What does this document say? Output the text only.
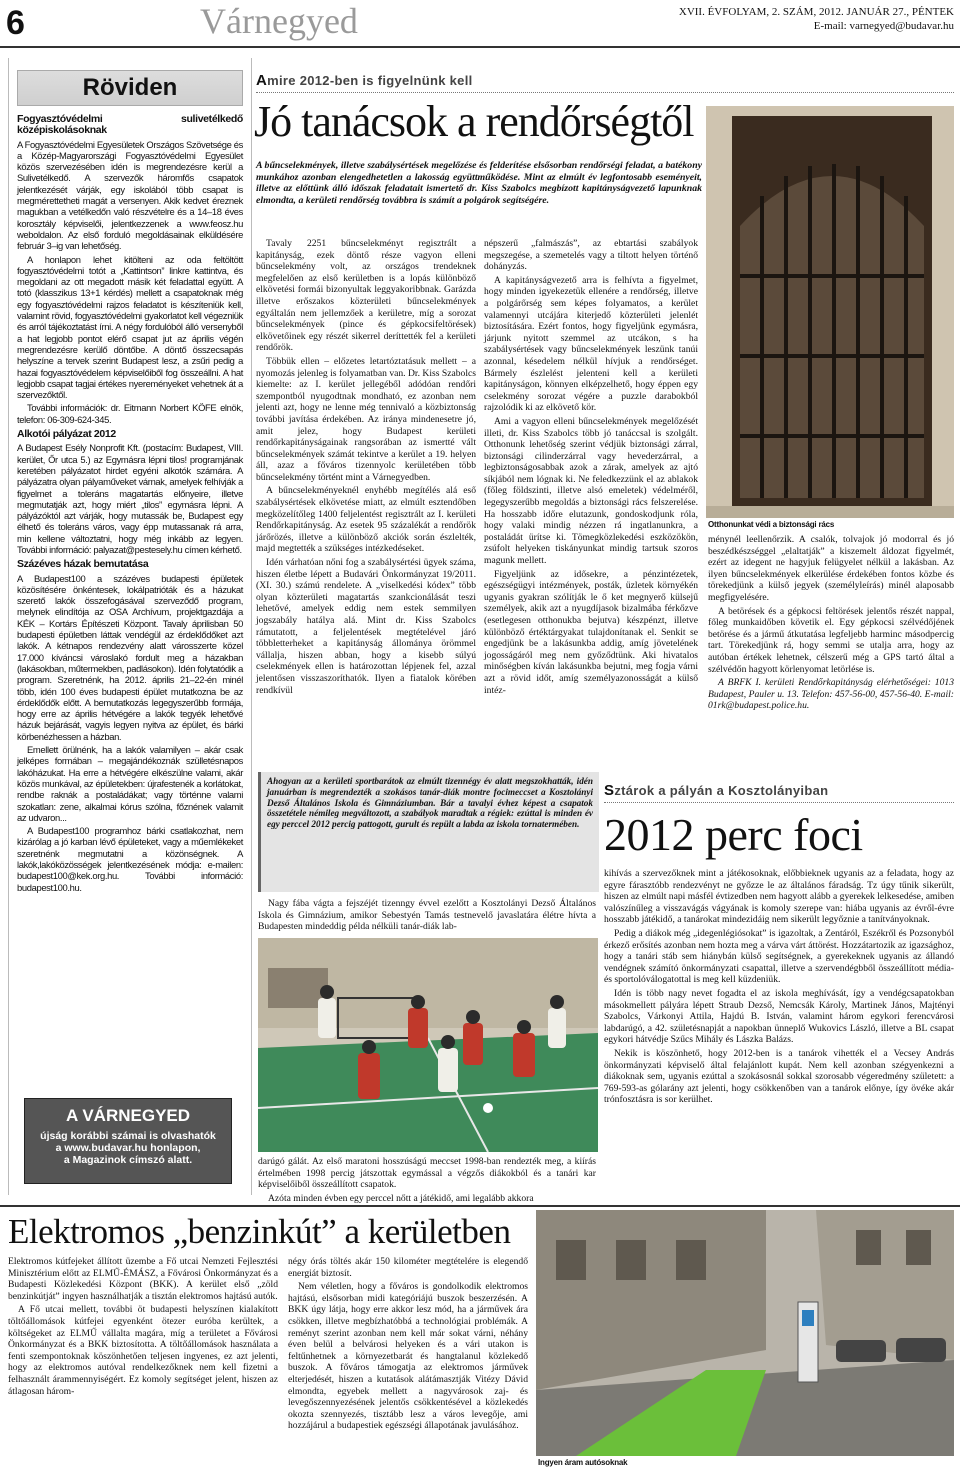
6	Várnegyed	XVII. ÉVFOLYAM, 2. SZÁM, 2012. JANUÁR 27., PÉNTEK
E-mail: varnegyed@budavar.hu
Röviden
Fogyasztóvédelmi sulivetélkedő középiskolásoknak

A Fogyasztóvédelmi Egyesületek Országos Szövetsége és a Közép-Magyarországi Fogyasztóvédelmi Egyesület közös szervezésében idén is megrendezésre kerül a Sulivetélkedő. A szervezők háromfős csapatok jelentkezését várják, egy iskolából több csapat is megmérettetheti magát a versenyen. Akik kedvet éreznek magukban a vetélkedőn való részvételre és a 14–18 éves korosztály képviselői, jelentkezzenek a www.feosz.hu weboldalon. Az első forduló megoldásainak elküldésére február 3–ig van lehetőség.

A honlapon lehet kitölteni az oda feltöltött fogyasztóvédelmi totót a „Kattintson” linkre kattintva, és megoldani az ott megadott másik két feladattal együtt. A totó (klasszikus 13+1 kérdés) mellett a csapatoknak még egy fogyasztóvédelmi rajzos feladatot is készíteniük kell, valamint rövid, fogyasztóvédelmi gyakorlatot kell végezniük és arról tájékoztatást írni. A négy fordulóból álló versenyből a hat legjobb pontot elérő csapat jut az április végén megrendezésre kerülő döntőbe. A döntő összecsapás helyszíne a tervek szerint Budapest lesz, a zsűri pedig a hazai fogyasztóvédelem képviselőiből fog összeállni. A hat legjobb csapat tagjai értékes nyereményeket vehetnek át a szervezőktől.

További információk: dr. Eitmann Norbert KÖFE elnök, telefon: 06-309-624-345.

Alkotói pályázat 2012

A Budapest Esély Nonprofit Kft. (postacím: Budapest, VIII. kerület, Őr utca 5.) az Egymásra lépni tilos! programjának keretében pályázatot hirdet egyéni alkotók számára. A pályázatra olyan pályaműveket várnak, amelyek felhívják a figyelmet a toleráns magatartás előnyeire, illetve megmutatják azt, hogy miért „tilos” egymásra lépni. A pályázóktól azt várják, hogy mutassák be, Budapest egy élhető és toleráns város, vagy épp mutassanak rá arra, min kellene változtatni, hogy még inkább az legyen. További információ: palyazat@pestesely.hu címen kérhető.

Százéves házak bemutatása

A Budapest100 a százéves budapesti épületek közösítésére önkéntesek, lokálpatrióták és a házukat szerető lakók összefogásával szerveződő program, melynek elindítója az OSA Archívum, projektgazdája a KÉK – Kortárs Építészeti Központ. Tavaly áprilisban 50 budapesti épületben láttak vendégül az érdeklődőket azt lakók. A kétnapos rendezvény alatt városszerte közel 17.000 kíváncsi városlakó fordult meg a házakban (lakásokban, műtermekben, padlásokon). Idén folytatódik a program. Szeretnénk, ha 2012. április 21–22-én minél több, idén 100 éves budapesti épület mutatkozna be az érdeklődők előtt. A bemutatkozás legegyszerűbb formája, hogy erre az április hétvégére a lakók tegyék lehetővé házuk bejárását, vagyis legyen nyitva az épület, és bárki körbenézhessen a házban.

Emellett örülnénk, ha a lakók valamilyen – akár csak jelképes formában – megajándékoznák szülletésnapos lakóházukat. Ha erre a hétvégére elkészülne valami, akár közös munkával, az épületekben: újrafestenék a korlátokat, rendbe raknák a postaládákat; vagy történne valami szokatlan: zene, alkalmai kórus szólna, főznének valamit az udvaron...

A Budapest100 programhoz bárki csatlakozhat, nem kizárólag a jó karban lévő épületeket, vagy a műemlékeket szeretnénk megmutatni a közönségnek. A lakók,lakóközösségek jelentkezésének módja: e-mailen: budapest100@kek.org.hu. További információ: budapest100.hu.

A VÁRNEGYED
újság korábbi számai is olvashatók
a www.budavar.hu honlapon,
a Magazinok címszó alatt.
Amire 2012-ben is figyelnünk kell
Jó tanácsok a rendőrségtől
A bűncselekmények, illetve szabálysértések megelőzése és felderítése elsősorban rendőrségi feladat, a batékony munkához azonban elengedhetetlen a lakosság együttműködése. Mint az elmúlt év legfontosabb eseményeit, illetve az előttünk álló időszak feladatait ismertető dr. Kiss Szabolcs megbízott kapitányságvezető lapunknak elmondta, a kerületi rendőrség továbbra is számít a polgárok segítségére.
Otthonunkat védi a biztonsági rács

Tavaly 2251 bűncselekményt regisztrált a kapitányság, ezek döntő része vagyon elleni bűncselekmény volt, az országos trendeknek megfelelően az első kerületben is a lopás különböző elkövetési formái bizonyultak leggyakoribbnak. Garázda illetve erőszakos közterületi bűncselekmények egyáltalán nem jellemzőek a kerületre, míg a sorozat bűncselekmények (pince és gépkocsifeltörések) elkövetőinek egy részét sikerrel deríttették fel a kerületi rendőrök.

Többük ellen – előzetes letartóztatásuk mellett – a nyomozás jelenleg is folyamatban van. Dr. Kiss Szabolcs kiemelte: az I. kerület jellegéből adódóan rendőri szempontból nyugodtnak mondható, ez azonban nem jelenti azt, hogy ne lenne még tennivaló a közbiztonság további javítása érdekében. Az iránya mindenesetre jó, amit jelez, hogy Budapest kerületi rendőrkapitányságainak rangsorában az ismertté vált bűncselekmények számát tekintve a kerület a 19. helyen áll, azaz a főváros tizennyolc kerületében több bűncselekmény történt mint a Várnegyedben.

A bűncselekményeknél enyhébb megítélés alá eső szabálysértések elkövetése miatt, az elmúlt esztendőben megközelítőleg 1400 feljelentést regisztrált az I. kerületi Rendőrkapitányság. Az esetek 95 százalékát a rendőrök járőrözés, illetve a különböző akciók során észlelték, majd megtették a szükséges intézkedéseket.

Idén várhatóan nőni fog a szabálysértési ügyek száma, hiszen életbe lépett a Budavári Önkormányzat 19/2011. (XI. 30.) számú rendelete. A „viselkedési kódex” több olyan közterületi magatartás szankcionálását teszi lehetővé, amelyek eddig nem estek semmilyen jogszabály hatálya alá. Mint dr. Kiss Szabolcs rámutatott, a feljelentések megtételével járó többletterheket a kapitányság állománya örömmel vállalja, hiszen abban, hogy a kisebb súlyú cselekmények ellen is határozottan lépjenek fel, azzal jelentősen visszaszoríthatók. Ilyen a fiatalok körében rendkívül

népszerű „falmászás”, az ebtartási szabályok megszegése, a szemetelés vagy a tiltott helyen történő dohányzás.

A kapitányságvezető arra is felhívta a figyelmet, hogy minden igyekezetük ellenére a rendőrség, illetve a polgárőrség sem képes folyamatos, a kerület valamennyi utcájára kiterjedő közterületi jelenlét biztosítására. Ezért fontos, hogy figyeljünk egymásra, járjunk nyitott szemmel az utcákon, s ha szabálysértések vagy bűncselekmények leszünk tanúi azonnal, késedelem nélkül hívjuk a rendőrséget. Bármely észlelést jelenteni kell a kerületi kapitányságon, könnyen elképzelhető, hogy éppen egy cselekmény sorozat végére a puzzle darabokból rajzolódik ki az elkövető kör.

Ami a vagyon elleni bűncselekmények megelőzését illeti, dr. Kiss Szabolcs több jó tanáccsal is szolgált. Otthonunk lehetőség szerint védjük biztonsági zárral, biztonsági cilinderzárral vagy hevederzárral, a legbiztonságosabbak azok a zárak, amelyek az ajtó síkjából nem lógnak ki. Ne feledkezzünk el az ablakok (főleg földszinti, illetve alsó emeletek) védelméről, legegyszerűbb megoldás a biztonsági rács felszerelése. Ha hosszabb időre elutazunk, gondoskodjunk róla, hogy valaki mindig nézzen rá ingatlanunkra, a postaládát ürítse ki. Tömegközlekedési eszközökön, zsúfolt helyeken tiskányunkat mindig tartsuk szoros magunk mellett.

Figyeljünk az idősekre, a pénzintézetek, egészségügyi intézmények, posták, üzletek környékén ugyanis gyakran szólítják le ő ket megnyerő külsejű személyek, akik azt a nyugdíjasok bizalmába férkőzve (esetlegesen otthonukba bejutva) készpénzt, illetve különböző értéktárgyakat tulajdonítanak el. Senkit se engedjünk be a lakásunkba addig, amíg jövetelének jogosságáról meg nem győződtünk. Aki hivatalos minőségben kíván lakásunkba bejutni, meg fogja várni azt a rövid időt, amíg személyazonosságát a külső intéz-

ménynél leellenőrzik. A csalók, tolvajok jó modorral és jó beszédkészséggel „elaltatják” a kiszemelt áldozat figyelmét, ezért az idegent ne hagyjuk felügyelet nélkül a lakásban. Az ilyen bűncselekmények elkerülése érdekében fontos közbe és törekedjünk a külső jegyek (személyleírás) minél alaposabb megfigyelésére.

A betörések és a gépkocsi feltörések jelentős részét nappal, főleg munkaidőben követik el. Egy gépkocsi szélvédőjének betörése és a jármű átkutatása legfeljebb harminc másodpercig tart. Törekedjünk rá, hogy semmi se utalja arra, hogy az autóban értékek lehetnek, célszerű még a GPS tartó által a szélvédőn hagyott körlenyomat letörlése is.

A BRFK I. kerületi Rendőrkapitányság elérhetőségei: 1013 Budapest, Pauler u. 13. Telefon: 457-56-00, 457-56-40. E-mail: 01rk@budapest.police.hu.

Ahogyan az a kerületi sportbarátok az elmúlt tizennégy év alatt megszokhatták, idén januárban is megrendezték a szokásos tanár-diák montre focimeccset a Kosztolányi Dezső Általános Iskola és Gimnáziumban. Bár a tavalyi évhez képest a csapatok összetétele némileg megváltozott, a szabályok maradtak a régiek: ezúttal is minden év egy perccel 2012 percig pattogott, gurult és repült a labda az iskola tornatermében.
Nagy fába vágta a fejszéjét tizenngy évvel ezelőtt a Kosztolányi Dezső Általános Iskola és Gimnázium, amikor Sebestyén Tamás testnevelő javaslatára élétre hívta a Budapesten mindeddig példa nélküli tanár-diák lab-

darúgó gálát. Az első maratoni hosszúságú meccset 1998-ban rendezték meg, a kiírás értelmében 1998 percig játszottak egymással a végzős diákokból és a tanári kar képviselőiből összeállított csapatok.

Azóta minden évben egy perccel nőtt a játékidő, ami legalább akkora

Sztárok a pályán a Kosztolányiban
2012 perc foci

kihívás a szervezőknek mint a játékosoknak, előbbieknek ugyanis az a feladata, hogy az egyre fárasztóbb rendezvényt ne győzze le az általános fáradság. Tz úgy tűnik sikerült, hiszen az elmúlt napi másfél évtizedben nem hagyott alább a gyerekek lelkesedése, amiben valószínűleg a visszavágás vágyának is komoly szerepe van: hiába ugyanis az évről-évre hosszabb játékidő, a tanárokat mindezidáig nem sikerült legyőznie a tanítványoknak.

Pedig a diákok még „idegenlégiósokat” is igazoltak, a Zentáról, Eszékről és Pozsonyból érkező erősítés azonban nem hozta meg a várva várt áttörést. Hozzátartozik az igazsághoz, hogy a tanári stáb sem hiánybán külső segítségnek, a gyerekeknek ugyanis az állandó vendégnek számító önkormányzati csapattal, illetve a szervendégbből összeállított média- és sportolóválogatottal is meg kell küzdeniük.

Idén is több nagy nevet fogadta el az iskola meghívását, így a vendégcsapatokban másokmellett pályára lépett Straub Dezső, Nemcsák Károly, Martinek János, Majtényi Szabolcs, Várkonyi Attila, Hajdú B. István, valamint három egykori ferencvárosi labdarúgó, a 42. születésnapját a napokban ünneplő Wukovics László, illetve a BL csapat egykori hátvédje Szűcs Mihály és Lászka Balázs.

Nekik is köszönhető, hogy 2012-ben is a tanárok vihették el a Vecsey András önkormányzati képviselő által felajánlott kupát. Nem kell azonban szégyenkezni a diákoknak sem, ugyanis ezúttal a szokásosnál sokkal szorosabb végeredmény született: a 769-593-as gólarány azt jelenti, hogy csökkenőben van a tanárok előnye, így övéke akár trónfosztásra is sor kerülhet.

Elektromos „benzinkút” a kerületben

Elektromos kútfejeket állított üzembe a Fő utcai Nemzeti Fejlesztési Minisztérium előtt az ELMŰ-ÉMÁSZ, a Fővárosi Önkormányzat és a Budapesti Közlekedési Központ (BKK). A kerület első „zöld benzinkútját” ingyen használhatják a tisztán elektromos hajtású autók.

A Fő utcai mellett, további öt budapesti helyszínen kialakított töltőállomások kútfejei egyenként ötezer euróba kerültek, a költségeket az ELMŰ vállalta magára, míg a területet a Fővárosi Önkormányzat és a BKK biztosította. A töltőállomások használata a fenti szempontoknak köszönhetően teljesen ingyenes, ez azt jelenti, hogy az elektromos autóval rendelkezőknek nem kell fizetni a felhasznált árammennyiségért. Ez komoly segítséget jelent, hiszen az átlagosan három-

négy órás töltés akár 150 kilométer megtételére is elegendő energiát biztosít.

Nem véletlen, hogy a főváros is gondolkodik elektromos hajtású, elsősorban midi kategóriájú buszok beszerzésén. A BKK úgy látja, hogy erre akkor lesz mód, ha a járművek ára csökken, illetve megbízhatóbbá a technológiai problémák. A reményt szerint azonban nem kell már sokat várni, néhány éven belül a belvárosi helyeken és a vári utakon is feltűnhetnek a környezetbarát és hangtalanul közlekedő buszok. A főváros támogatja az elektromos járművek elterjedését, hiszen a kutatások alátámasztják Vitézy Dávid elmondta, egyebek mellett a nagyvárosok zaj- és levegőszennyezésének jelentős csökkentésével a közlekedés okozta szennyezés, tisztább lesz a város levegője, ami hozzájárul a budapestiek egészségi állapotának javulásához.

Ingyen áram autósoknak
